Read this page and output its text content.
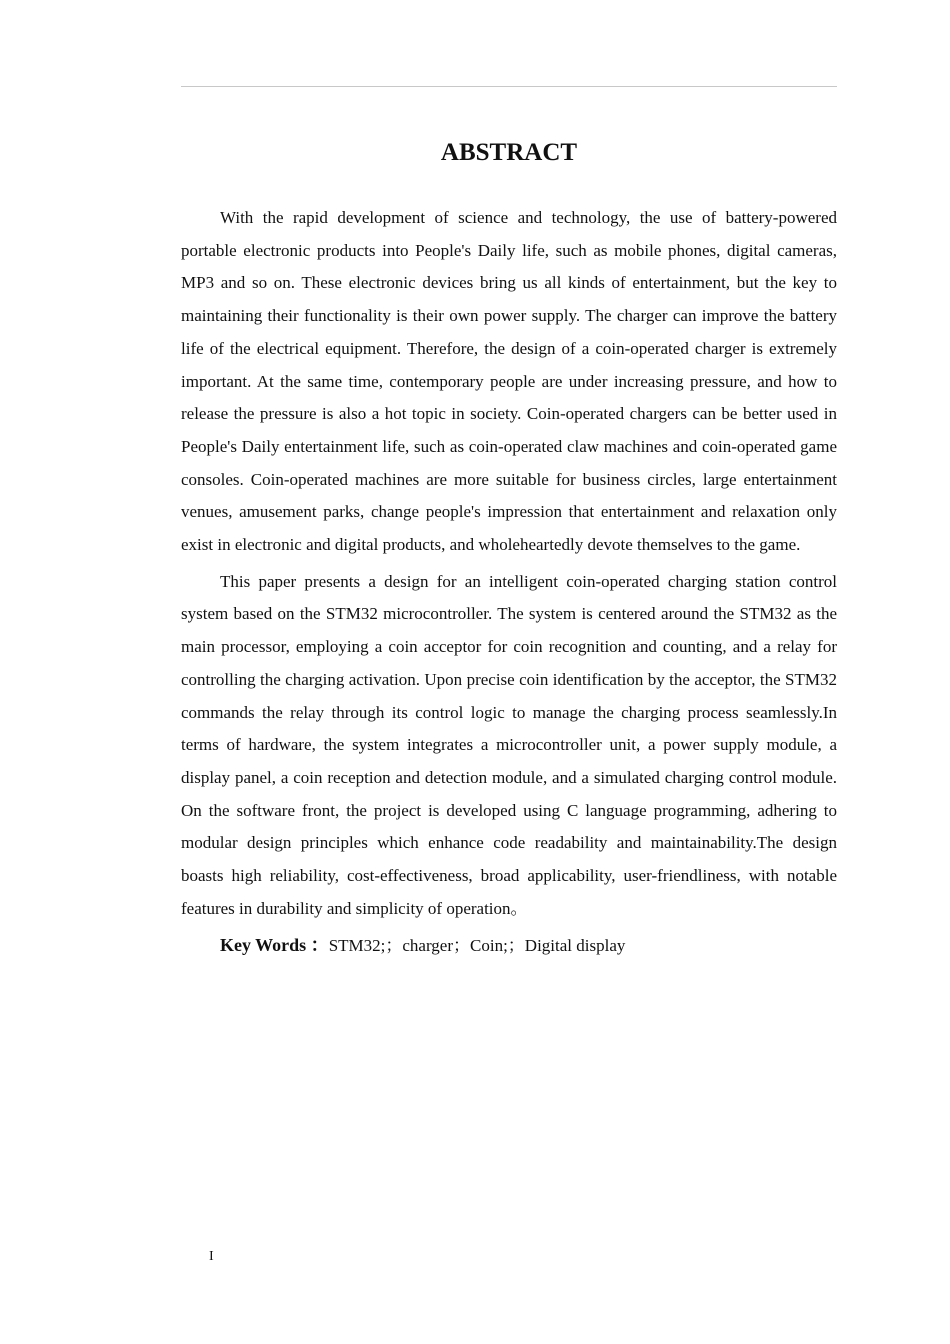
ABSTRACT

With the rapid development of science and technology, the use of battery-powered portable electronic products into People's Daily life, such as mobile phones, digital cameras, MP3 and so on. These electronic devices bring us all kinds of entertainment, but the key to maintaining their functionality is their own power supply. The charger can improve the battery life of the electrical equipment. Therefore, the design of a coin-operated charger is extremely important. At the same time, contemporary people are under increasing pressure, and how to release the pressure is also a hot topic in society. Coin-operated chargers can be better used in People's Daily entertainment life, such as coin-operated claw machines and coin-operated game consoles. Coin-operated machines are more suitable for business circles, large entertainment venues, amusement parks, change people's impression that entertainment and relaxation only exist in electronic and digital products, and wholeheartedly devote themselves to the game.

This paper presents a design for an intelligent coin-operated charging station control system based on the STM32 microcontroller. The system is centered around the STM32 as the main processor, employing a coin acceptor for coin recognition and counting, and a relay for controlling the charging activation. Upon precise coin identification by the acceptor, the STM32 commands the relay through its control logic to manage the charging process seamlessly.In terms of hardware, the system integrates a microcontroller unit, a power supply module, a display panel, a coin reception and detection module, and a simulated charging control module. On the software front, the project is developed using C language programming, adhering to modular design principles which enhance code readability and maintainability.The design boasts high reliability, cost-effectiveness, broad applicability, user-friendliness, with notable features in durability and simplicity of operation。

Key Words ：STM32;；charger；Coin;；Digital display

I
